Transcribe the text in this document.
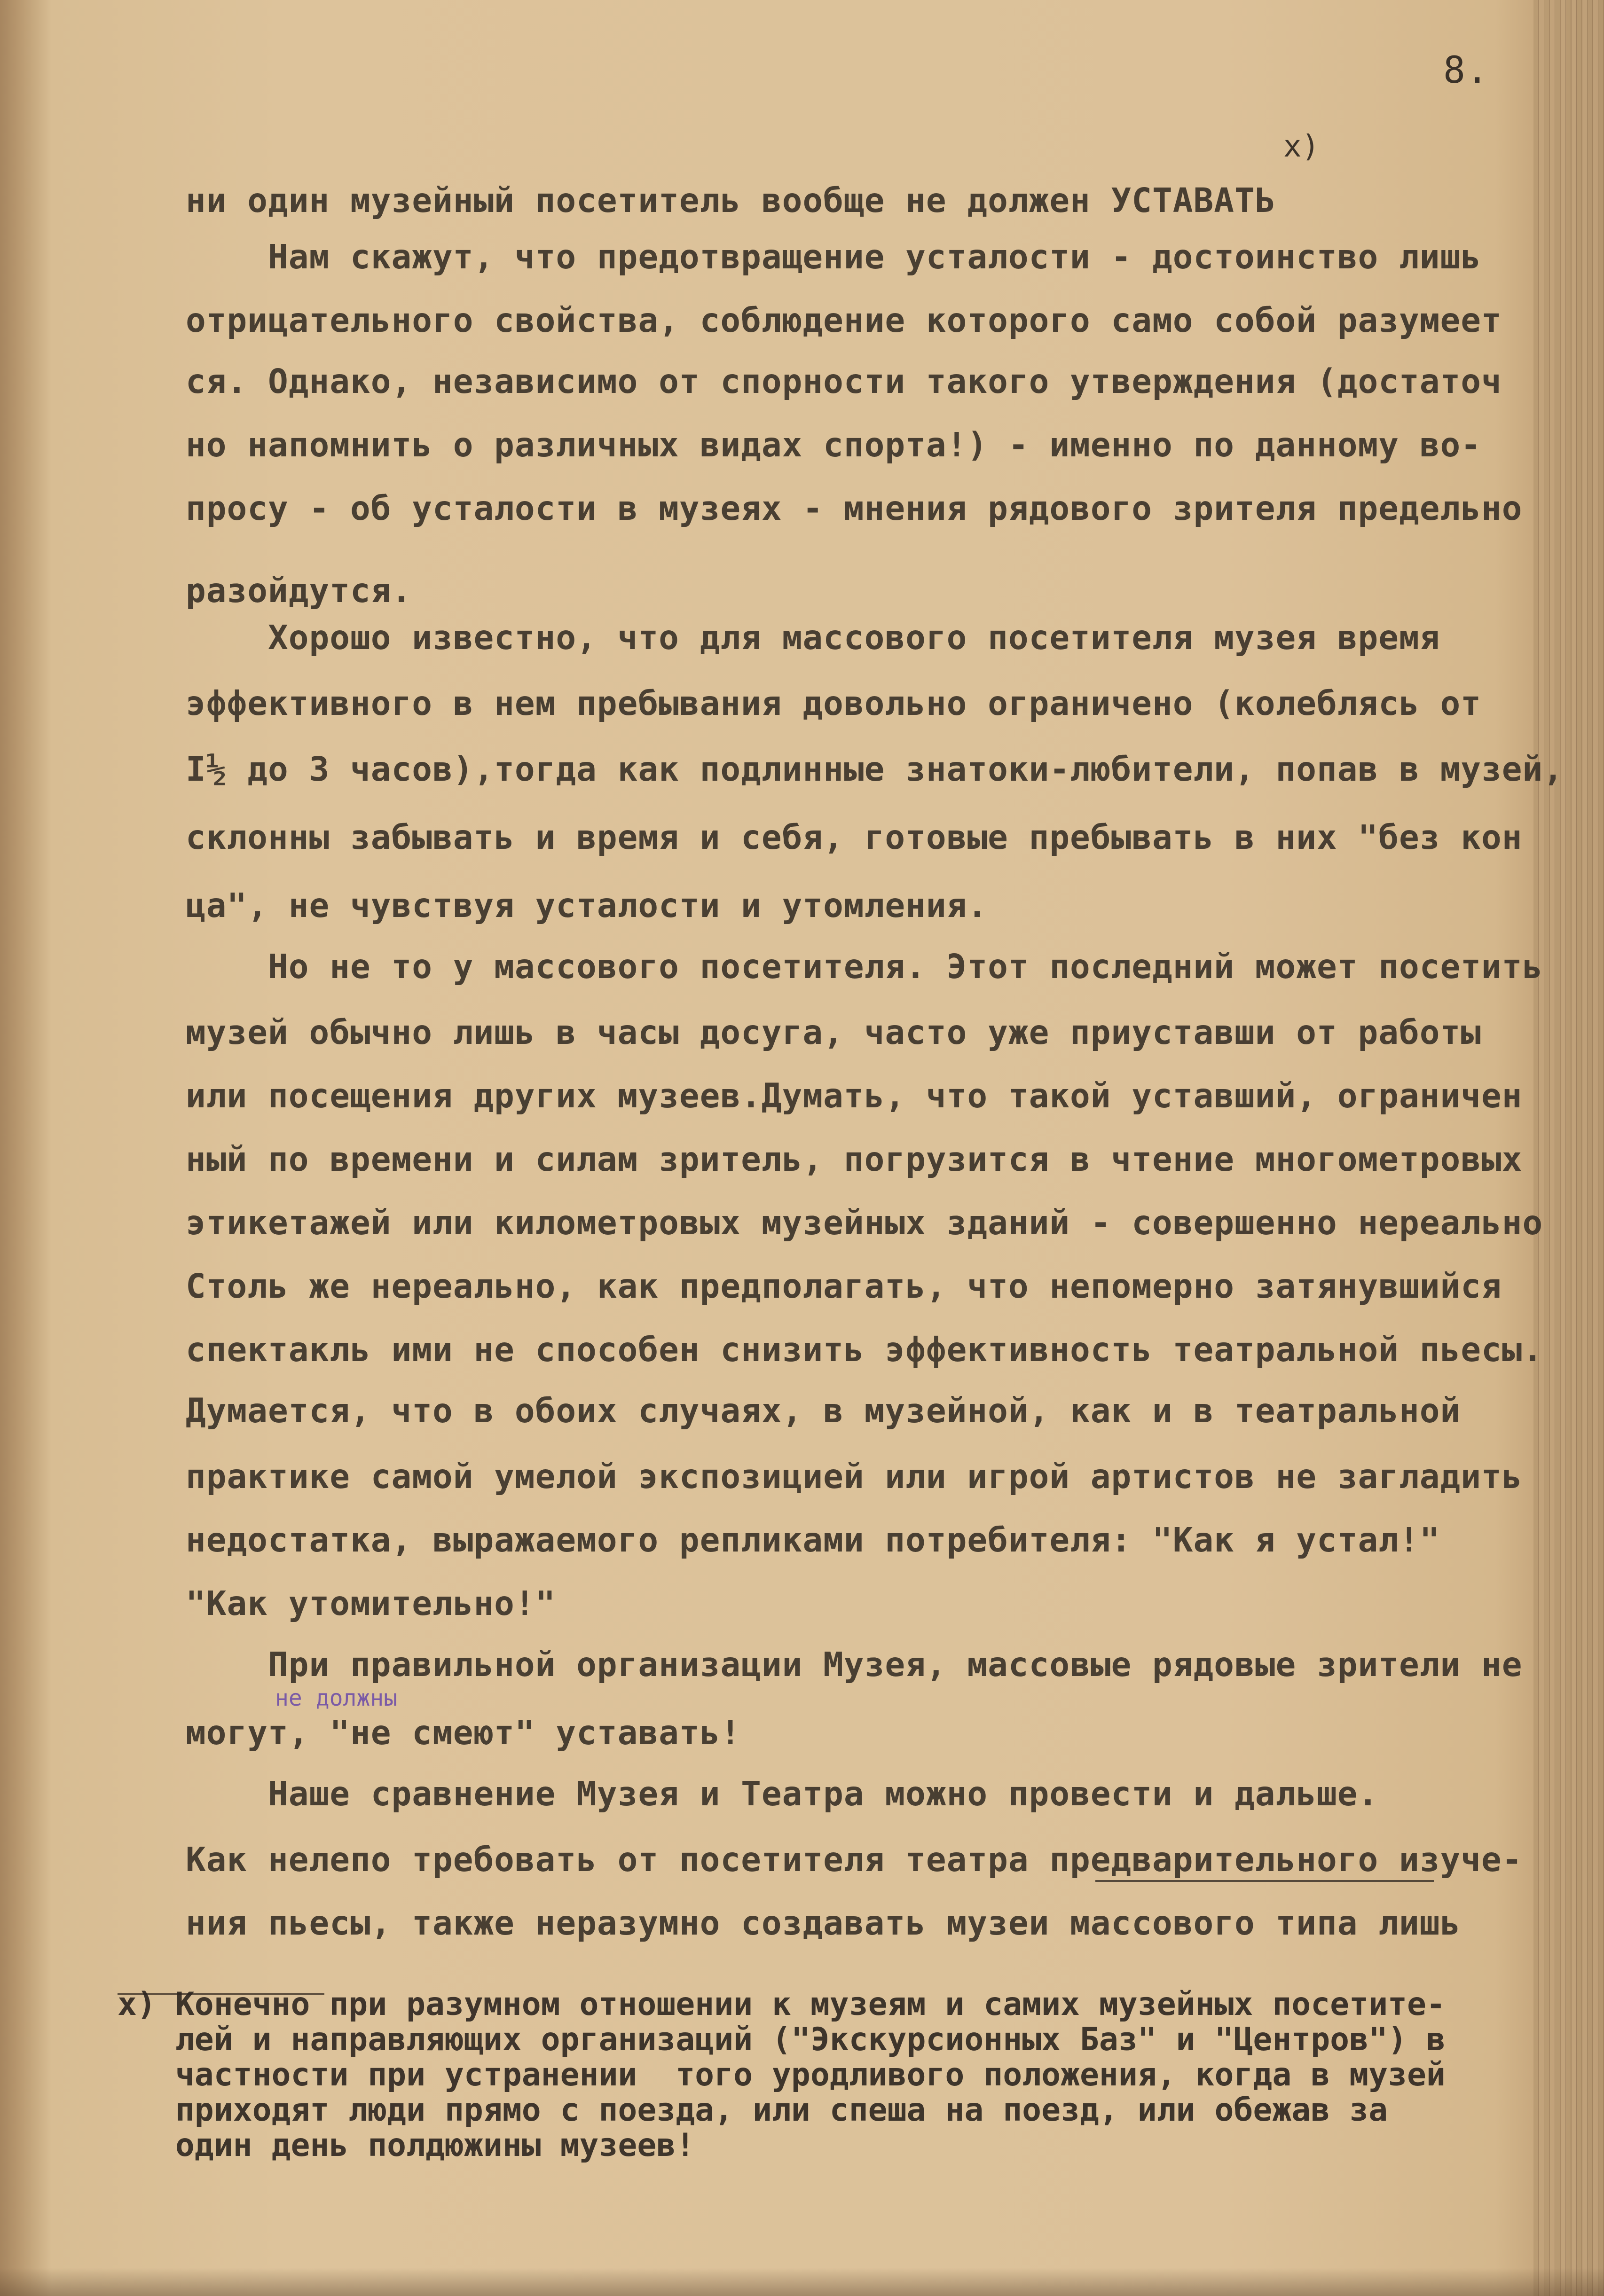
8.
x)
ни один музейный посетитель вообще не должен УСТАВАТЬ
Нам скажут, что предотвращение усталости - достоинство лишь
отрицательного свойства, соблюдение которого само собой разумеет
ся. Однако, независимо от спорности такого утверждения (достаточ
но напомнить о различных видах спорта!) - именно по данному во-
просу - об усталости в музеях - мнения рядового зрителя предельно
разойдутся.
Хорошо известно, что для массового посетителя музея время
эффективного в нем пребывания довольно ограничено (колеблясь от
I½ до 3 часов),тогда как подлинные знатоки-любители, попав в музей,
склонны забывать и время и себя, готовые пребывать в них "без кон
ца", не чувствуя усталости и утомления.
Но не то у массового посетителя. Этот последний может посетить
музей обычно лишь в часы досуга, часто уже приуставши от работы
или посещения других музеев.Думать, что такой уставший, ограничен
ный по времени и силам зритель, погрузится в чтение многометровых
этикетажей или километровых музейных зданий - совершенно нереально
Столь же нереально, как предполагать, что непомерно затянувшийся
спектакль ими не способен снизить эффективность театральной пьесы.
Думается, что в обоих случаях, в музейной, как и в театральной
практике самой умелой экспозицией или игрой артистов не загладить
недостатка, выражаемого репликами потребителя: "Как я устал!"
"Как утомительно!"
При правильной организации Музея, массовые рядовые зрители не
не должны
могут, "не смеют" уставать!
Наше сравнение Музея и Театра можно провести и дальше.
Как нелепо требовать от посетителя театра предварительного изуче-
ния пьесы, также неразумно создавать музеи массового типа лишь
x) Конечно при разумном отношении к музеям и самих музейных посетите-
лей и направляющих организаций ("Экскурсионных Баз" и "Центров") в
частности при устранении  того уродливого положения, когда в музей
приходят люди прямо с поезда, или спеша на поезд, или обежав за
один день полдюжины музеев!
